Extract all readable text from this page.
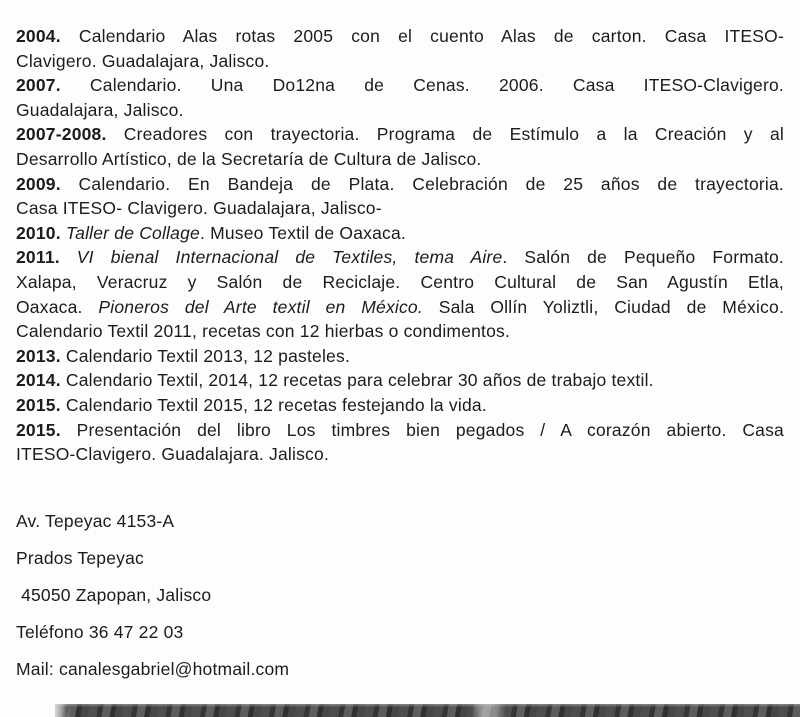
2004. Calendario Alas rotas 2005 con el cuento Alas de carton. Casa ITESO-
Clavigero. Guadalajara, Jalisco.
2007. Calendario. Una Do12na de Cenas. 2006. Casa ITESO-Clavigero.
Guadalajara, Jalisco.
2007-2008. Creadores con trayectoria. Programa de Estímulo a la Creación y al
Desarrollo Artístico, de la Secretaría de Cultura de Jalisco.
2009. Calendario. En Bandeja de Plata. Celebración de 25 años de trayectoria.
Casa ITESO- Clavigero. Guadalajara, Jalisco-
2010. Taller de Collage. Museo Textil de Oaxaca.
2011. VI bienal Internacional de Textiles, tema Aire. Salón de Pequeño Formato.
Xalapa, Veracruz y Salón de Reciclaje. Centro Cultural de San Agustín Etla,
Oaxaca. Pioneros del Arte textil en México. Sala Ollín Yoliztli, Ciudad de México.
Calendario Textil 2011, recetas con 12 hierbas o condimentos.
2013. Calendario Textil 2013, 12 pasteles.
2014. Calendario Textil, 2014, 12 recetas para celebrar 30 años de trabajo textil.
2015. Calendario Textil 2015, 12 recetas festejando la vida.
2015. Presentación del libro Los timbres bien pegados / A corazón abierto. Casa
ITESO-Clavigero. Guadalajara. Jalisco.
Av. Tepeyac 4153-A
Prados Tepeyac
45050 Zapopan, Jalisco
Teléfono 36 47 22 03
Mail: canalesgabriel@hotmail.com
